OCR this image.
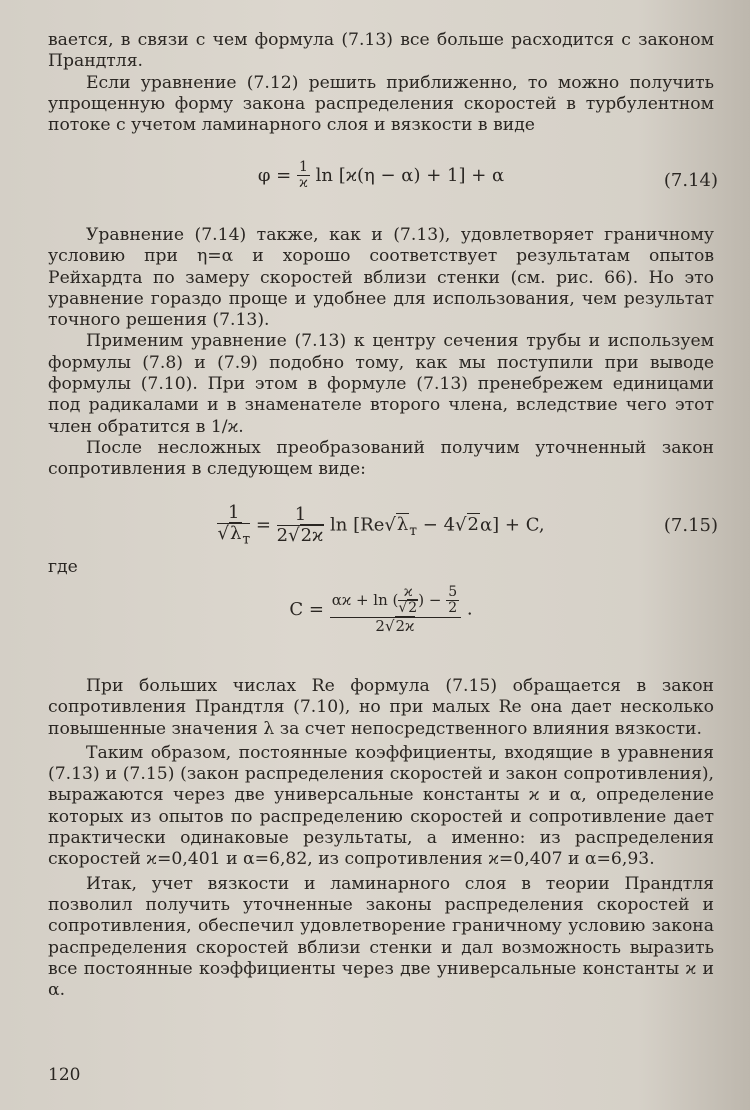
вается, в связи с чем формула (7.13) все больше расходится с законом Прандтля.

Если уравнение (7.12) решить приближенно, то можно получить упрощенную форму закона распределения скоростей в турбулентном потоке с учетом ламинарного слоя и вязкости в виде

$\varphi = \frac{1}{ϰ}$ ln [ϰ(η − α) + 1] + α	(7.14)

Уравнение (7.14) также, как и (7.13), удовлетворяет граничному условию при η=α и хорошо соответствует результатам опытов Рейхардта по замеру скоростей вблизи стенки (см. рис. 66). Но это уравнение гораздо проще и удобнее для использования, чем результат точного решения (7.13).

Применим уравнение (7.13) к центру сечения трубы и используем формулы (7.8) и (7.9) подобно тому, как мы поступили при выводе формулы (7.10). При этом в формуле (7.13) пренебрежем единицами под радикалами и в знаменателе второго члена, вследствие чего этот член обратится в 1/ϰ.

После несложных преобразований получим уточненный закон сопротивления в следующем виде:

$\frac{1}{√\lambda_т} = \frac{1}{2√2ϰ}$ $\ln [Re√\lambda_т - 4√2\alpha] + C$,	(7.15)
где
$C = \frac{\alpha ϰ + \ln ( \frac{ϰ}{√2} ) - \frac{5}{2}}{2√2ϰ}$ .

При больших числах Re формула (7.15) обращается в закон сопротивления Прандтля (7.10), но при малых Re она дает несколько повышенные значения λ за счет непосредственного влияния вязкости.

Таким образом, постоянные коэффициенты, входящие в уравнения (7.13) и (7.15) (закон распределения скоростей и закон сопротивления), выражаются через две универсальные константы ϰ и α, определение которых из опытов по распределению скоростей и сопротивление дает практически одинаковые результаты, а именно: из распределения скоростей ϰ=0,401 и α=6,82, из сопротивления ϰ=0,407 и α=6,93.

Итак, учет вязкости и ламинарного слоя в теории Прандтля позволил получить уточненные законы распределения скоростей и сопротивления, обеспечил удовлетворение граничному условию закона распределения скоростей вблизи стенки и дал возможность выразить все постоянные коэффициенты через две универсальные константы ϰ и α.

120
